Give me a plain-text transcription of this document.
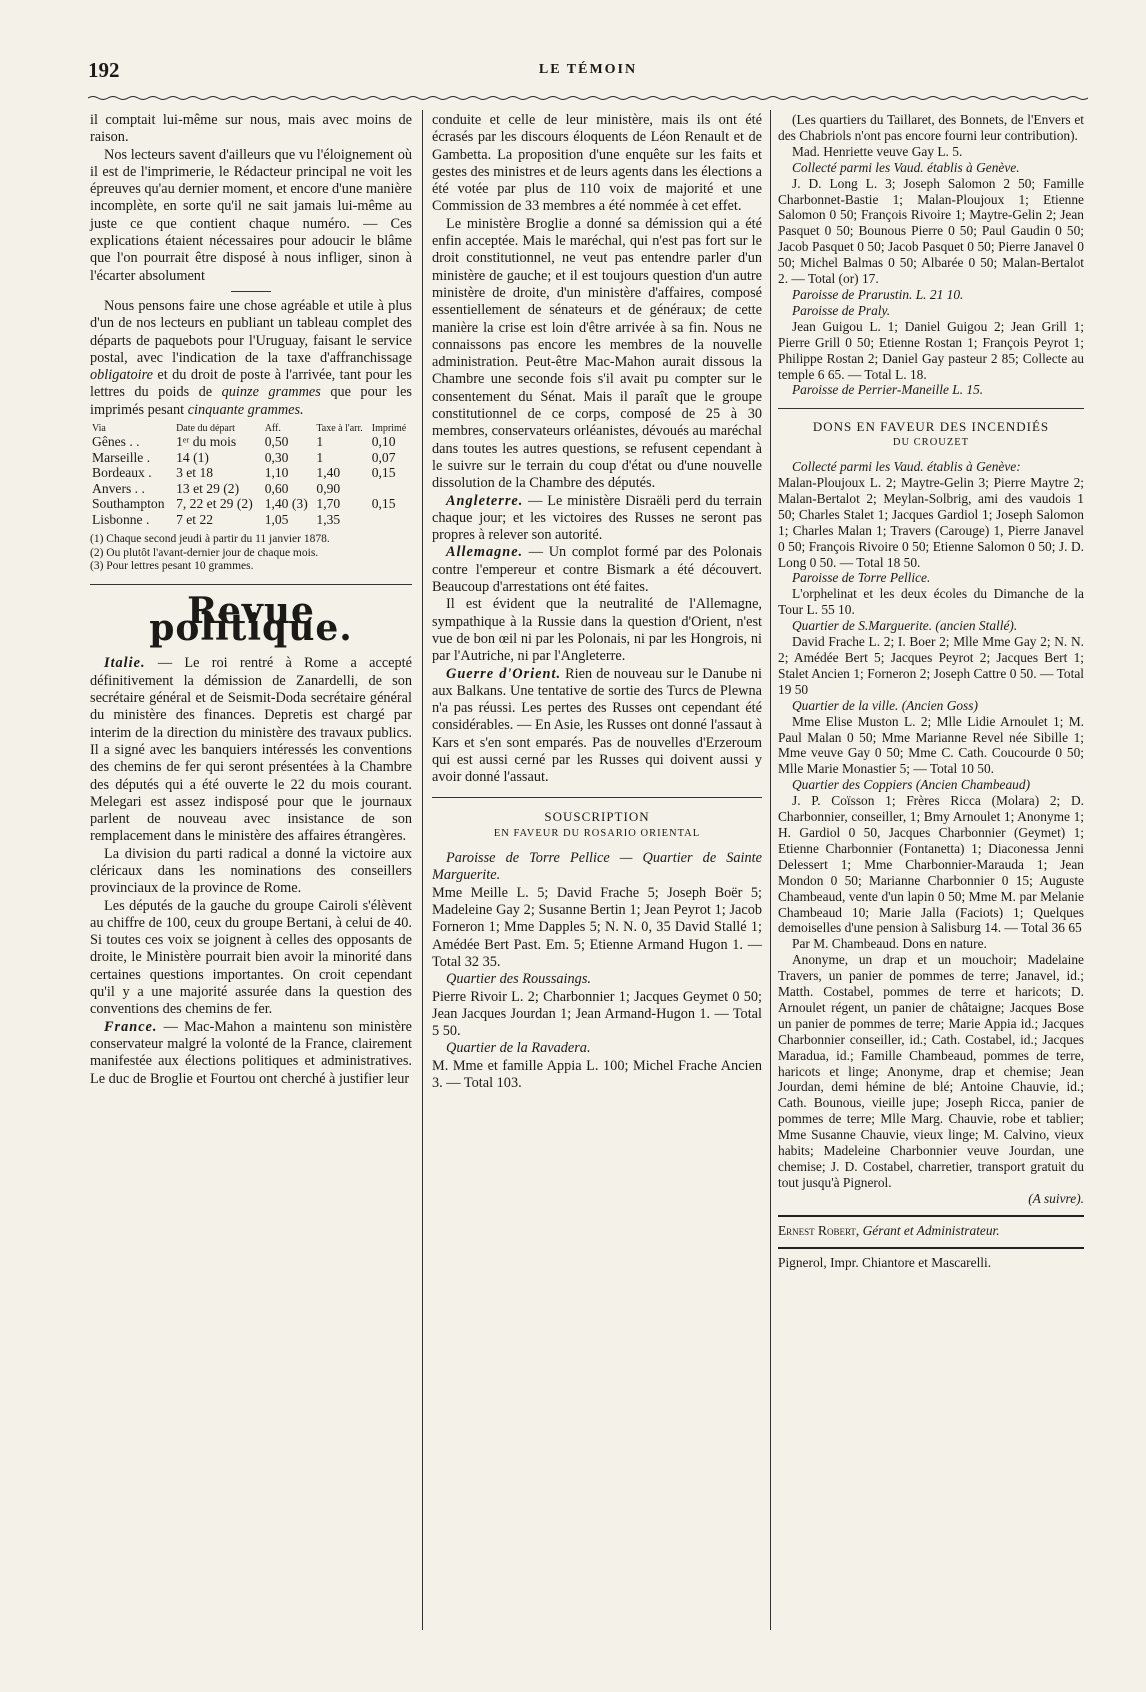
192	LE TÉMOIN

il comptait lui-même sur nous, mais avec moins de raison.

Nos lecteurs savent d'ailleurs que vu l'éloignement où il est de l'imprimerie, le Rédacteur principal ne voit les épreuves qu'au dernier moment, et encore d'une manière incomplète, en sorte qu'il ne sait jamais lui-même au juste ce que contient chaque numéro. — Ces explications étaient nécessaires pour adoucir le blâme que l'on pourrait être disposé à nous infliger, sinon à l'écarter absolument

Nous pensons faire une chose agréable et utile à plus d'un de nos lecteurs en publiant un tableau complet des départs de paquebots pour l'Uruguay, faisant le service postal, avec l'indication de la taxe d'affranchissage obligatoire et du droit de poste à l'arrivée, tant pour les lettres du poids de quinze grammes que pour les imprimés pesant cinquante grammes.

Via	Date du départ	Aff.	Taxe à l'arr.	Imprimé
Gênes . .	1ᵉʳ du mois	0,50	1	0,10
Marseille .	14 (1)	0,30	1	0,07
Bordeaux .	3 et 18	1,10	1,40	0,15
Anvers . .	13 et 29 (2)	0,60	0,90	
Southampton	7, 22 et 29 (2)	1,40 (3)	1,70	0,15
Lisbonne .	7 et 22	1,05	1,35	
(1) Chaque second jeudi à partir du 11 janvier 1878.
(2) Ou plutôt l'avant-dernier jour de chaque mois.
(3) Pour lettres pesant 10 grammes.
Revue politique.

Italie. — Le roi rentré à Rome a accepté définitivement la démission de Zanardelli, de son secrétaire général et de Seismit-Doda secrétaire général du ministère des finances. Depretis est chargé par interim de la direction du ministère des travaux publics. Il a signé avec les banquiers intéressés les conventions des chemins de fer qui seront présentées à la Chambre des députés qui a été ouverte le 22 du mois courant. Melegari est assez indisposé pour que le journaux parlent de nouveau avec insistance de son remplacement dans le ministère des affaires étrangères.

La division du parti radical a donné la victoire aux cléricaux dans les nominations des conseillers provinciaux de la province de Rome.

Les députés de la gauche du groupe Cairoli s'élèvent au chiffre de 100, ceux du groupe Bertani, à celui de 40. Si toutes ces voix se joignent à celles des opposants de droite, le Ministère pourrait bien avoir la minorité dans certaines questions importantes. On croit cependant qu'il y a une majorité assurée dans la question des conventions des chemins de fer.

France. — Mac-Mahon a maintenu son ministère conservateur malgré la volonté de la France, clairement manifestée aux élections politiques et administratives. Le duc de Broglie et Fourtou ont cherché à justifier leur

conduite et celle de leur ministère, mais ils ont été écrasés par les discours éloquents de Léon Renault et de Gambetta. La proposition d'une enquête sur les faits et gestes des ministres et de leurs agents dans les élections a été votée par plus de 110 voix de majorité et une Commission de 33 membres a été nommée à cet effet.

Le ministère Broglie a donné sa démission qui a été enfin acceptée. Mais le maréchal, qui n'est pas fort sur le droit constitutionnel, ne veut pas entendre parler d'un ministère de gauche; et il est toujours question d'un autre ministère de droite, d'un ministère d'affaires, composé essentiellement de sénateurs et de généraux; de cette manière la crise est loin d'être arrivée à sa fin. Nous ne connaissons pas encore les membres de la nouvelle administration. Peut-être Mac-Mahon aurait dissous la Chambre une seconde fois s'il avait pu compter sur le consentement du Sénat. Mais il paraît que le groupe constitutionnel de ce corps, composé de 25 à 30 membres, conservateurs orléanistes, dévoués au maréchal dans toutes les autres questions, se refusent cependant à le suivre sur le terrain du coup d'état ou d'une nouvelle dissolution de la Chambre des députés.

Angleterre. — Le ministère Disraëli perd du terrain chaque jour; et les victoires des Russes ne seront pas propres à relever son autorité.

Allemagne. — Un complot formé par des Polonais contre l'empereur et contre Bismark a été découvert. Beaucoup d'arrestations ont été faites.

Il est évident que la neutralité de l'Allemagne, sympathique à la Russie dans la question d'Orient, n'est vue de bon œil ni par les Polonais, ni par les Hongrois, ni par l'Autriche, ni par l'Angleterre.

Guerre d'Orient. Rien de nouveau sur le Danube ni aux Balkans. Une tentative de sortie des Turcs de Plewna n'a pas réussi. Les pertes des Russes ont cependant été considérables. — En Asie, les Russes ont donné l'assaut à Kars et s'en sont emparés. Pas de nouvelles d'Erzeroum qui est aussi cerné par les Russes qui doivent aussi y avoir donné l'assaut.

SOUSCRIPTION

EN FAVEUR DU ROSARIO ORIENTAL

Paroisse de Torre Pellice — Quartier de Sainte Marguerite.

Mme Meille L. 5; David Frache 5; Joseph Boër 5; Madeleine Gay 2; Susanne Bertin 1; Jean Peyrot 1; Jacob Forneron 1; Mme Dapples 5; N. N. 0, 35 David Stallé 1; Amédée Bert Past. Em. 5; Etienne Armand Hugon 1. — Total 32 35.

Quartier des Roussaings.

Pierre Rivoir L. 2; Charbonnier 1; Jacques Geymet 0 50; Jean Jacques Jourdan 1; Jean Armand-Hugon 1. — Total 5 50.

Quartier de la Ravadera.

M. Mme et famille Appia L. 100; Michel Frache Ancien 3. — Total 103.

(Les quartiers du Taillaret, des Bonnets, de l'Envers et des Chabriols n'ont pas encore fourni leur contribution).

Mad. Henriette veuve Gay L. 5.

Collecté parmi les Vaud. établis à Genève.

J. D. Long L. 3; Joseph Salomon 2 50; Famille Charbonnet-Bastie 1; Malan-Ploujoux 1; Etienne Salomon 0 50; François Rivoire 1; Maytre-Gelin 2; Jean Pasquet 0 50; Bounous Pierre 0 50; Paul Gaudin 0 50; Jacob Pasquet 0 50; Jacob Pasquet 0 50; Pierre Janavel 0 50; Michel Balmas 0 50; Albarée 0 50; Malan-Bertalot 2. — Total (or) 17.

Paroisse de Prarustin. L. 21 10.

Paroisse de Praly.

Jean Guigou L. 1; Daniel Guigou 2; Jean Grill 1; Pierre Grill 0 50; Etienne Rostan 1; François Peyrot 1; Philippe Rostan 2; Daniel Gay pasteur 2 85; Collecte au temple 6 65. — Total L. 18.

Paroisse de Perrier-Maneille L. 15.

DONS EN FAVEUR DES INCENDIÉS

DU CROUZET

Collecté parmi les Vaud. établis à Genève:

Malan-Ploujoux L. 2; Maytre-Gelin 3; Pierre Maytre 2; Malan-Bertalot 2; Meylan-Solbrig, ami des vaudois 1 50; Charles Stalet 1; Jacques Gardiol 1; Joseph Salomon 1; Charles Malan 1; Travers (Carouge) 1, Pierre Janavel 0 50; François Rivoire 0 50; Etienne Salomon 0 50; J. D. Long 0 50. — Total 18 50.

Paroisse de Torre Pellice.

L'orphelinat et les deux écoles du Dimanche de la Tour L. 55 10.

Quartier de S.Marguerite. (ancien Stallé).

David Frache L. 2; I. Boer 2; Mlle Mme Gay 2; N. N. 2; Amédée Bert 5; Jacques Peyrot 2; Jacques Bert 1; Stalet Ancien 1; Forneron 2; Joseph Cattre 0 50. — Total 19 50

Quartier de la ville. (Ancien Goss)

Mme Elise Muston L. 2; Mlle Lidie Arnoulet 1; M. Paul Malan 0 50; Mme Marianne Revel née Sibille 1; Mme veuve Gay 0 50; Mme C. Cath. Coucourde 0 50; Mlle Marie Monastier 5; — Total 10 50.

Quartier des Coppiers (Ancien Chambeaud)

J. P. Coïsson 1; Frères Ricca (Molara) 2; D. Charbonnier, conseiller, 1; Bmy Arnoulet 1; Anonyme 1; H. Gardiol 0 50, Jacques Charbonnier (Geymet) 1; Etienne Charbonnier (Fontanetta) 1; Diaconessa Jenni Delessert 1; Mme Charbonnier-Marauda 1; Jean Mondon 0 50; Marianne Charbonnier 0 15; Auguste Chambeaud, vente d'un lapin 0 50; Mme M. par Melanie Chambeaud 10; Marie Jalla (Faciots) 1; Quelques demoiselles d'une pension à Salisburg 14. — Total 36 65

Par M. Chambeaud. Dons en nature.

Anonyme, un drap et un mouchoir; Madelaine Travers, un panier de pommes de terre; Janavel, id.; Matth. Costabel, pommes de terre et haricots; D. Arnoulet régent, un panier de châtaigne; Jacques Bose un panier de pommes de terre; Marie Appia id.; Jacques Charbonnier conseiller, id.; Cath. Costabel, id.; Jacques Maradua, id.; Famille Chambeaud, pommes de terre, haricots et linge; Anonyme, drap et chemise; Jean Jourdan, demi hémine de blé; Antoine Chauvie, id.; Cath. Bounous, vieille jupe; Joseph Ricca, panier de pommes de terre; Mlle Marg. Chauvie, robe et tablier; Mme Susanne Chauvie, vieux linge; M. Calvino, vieux habits; Madeleine Charbonnier veuve Jourdan, une chemise; J. D. Costabel, charretier, transport gratuit du tout jusqu'à Pignerol.

(A suivre).

Ernest Robert, Gérant et Administrateur.

Pignerol, Impr. Chiantore et Mascarelli.
